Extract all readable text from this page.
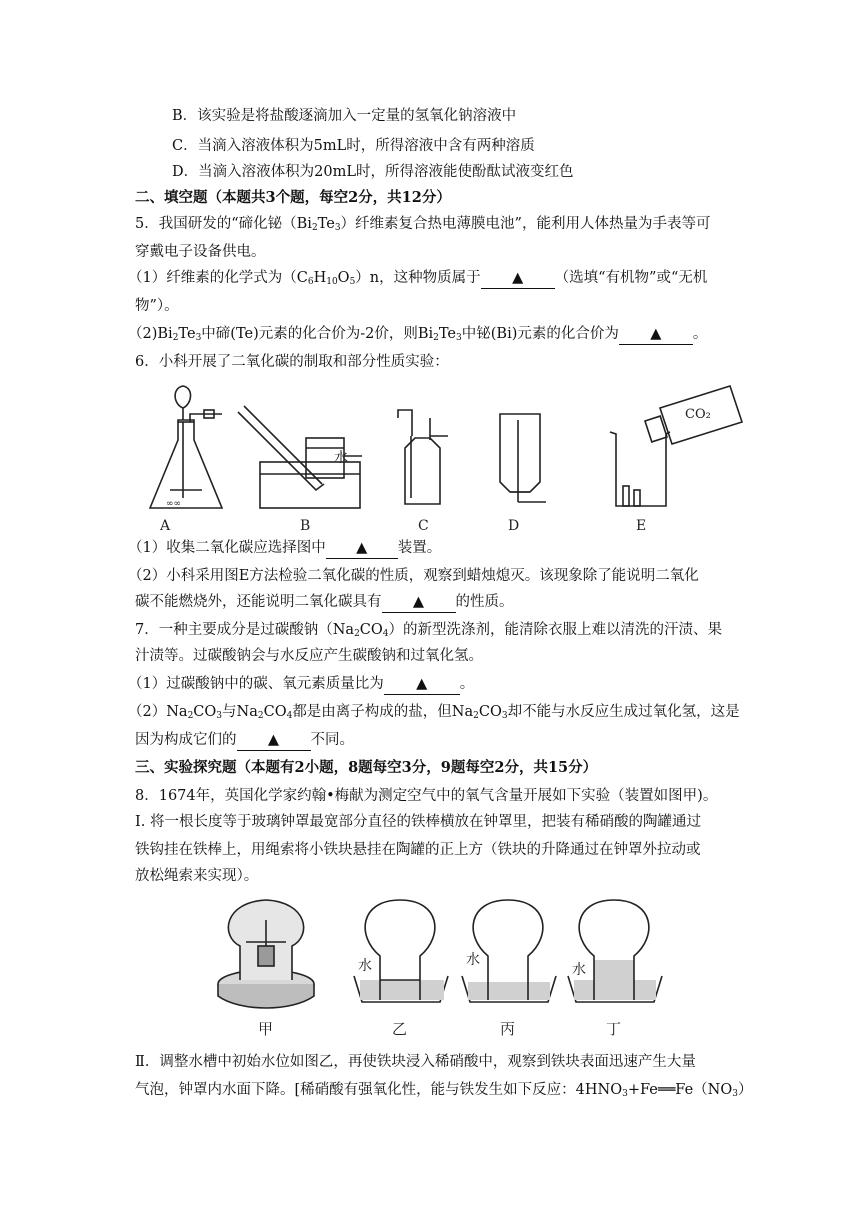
B．该实验是将盐酸逐滴加入一定量的氢氧化钠溶液中
C．当滴入溶液体积为5mL时，所得溶液中含有两种溶质
D．当滴入溶液体积为20mL时，所得溶液能使酚酞试液变红色
二、填空题（本题共3个题，每空2分，共12分）
5．我国研发的“碲化铋$(Bi_2Te_3)$纤维素复合热电薄膜电池”，能利用人体热量为手表等可
穿戴电子设备供电。
（1）纤维素的化学式为$(C_6H_{10}O_5)n$，这种物质属于 ▲ （选填“有机物”或“无机
物”）。
$(2)Bi_2Te_3$中碲(Te)元素的化合价为-2价，则$Bi_2Te_3$中铋(Bi)元素的化合价为 ▲ 。
6．小科开展了二氧化碳的制取和部分性质实验：
∞∞
水
CO₂
A	B	C	D	E
（1）收集二氧化碳应选择图中 ▲ 装置。
（2）小科采用图E方法检验二氧化碳的性质，观察到蜡烛熄灭。该现象除了能说明二氧化
碳不能燃烧外，还能说明二氧化碳具有 ▲ 的性质。
7．一种主要成分是过碳酸钠$(Na_2CO_4)$的新型洗涤剂，能清除衣服上难以清洗的汗渍、果
汁渍等。过碳酸钠会与水反应产生碳酸钠和过氧化氢。
（1）过碳酸钠中的碳、氧元素质量比为 ▲ 。
$(2)Na_2CO_3$与$Na_2CO_4$都是由离子构成的盐，但$Na_2CO_3$却不能与水反应生成过氧化氢，这是
因为构成它们的 ▲ 不同。
三、实验探究题（本题有2小题，8题每空3分，9题每空2分，共15分）
8．1674年，英国化学家约翰•梅献为测定空气中的氧气含量开展如下实验（装置如图甲)。
Ⅰ. 将一根长度等于玻璃钟罩最宽部分直径的铁棒横放在钟罩里，把装有稀硝酸的陶罐通过
铁钩挂在铁棒上，用绳索将小铁块悬挂在陶罐的正上方（铁块的升降通过在钟罩外拉动或
放松绳索来实现）。
水	水
水
甲	乙	丙	丁
Ⅱ．调整水槽中初始水位如图乙，再使铁块浸入稀硝酸中，观察到铁块表面迅速产生大量
气泡，钟罩内水面下降。[稀硝酸有强氧化性，能与铁发生如下反应：$4HNO_3+Fe══Fe(NO_3)$
